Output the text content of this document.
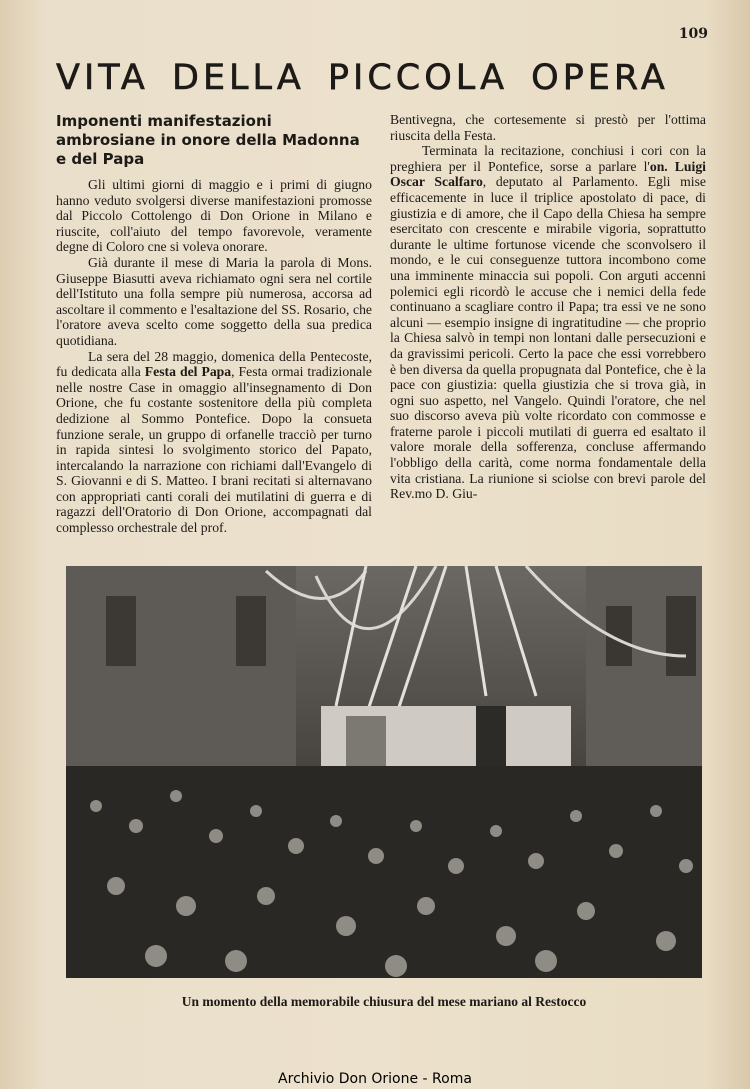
109
VITA DELLA PICCOLA OPERA
Imponenti manifestazioni ambrosiane in onore della Madonna e del Papa

Gli ultimi giorni di maggio e i primi di giugno hanno veduto svolgersi diverse manifestazioni promosse dal Piccolo Cottolengo di Don Orione in Milano e riuscite, coll'aiuto del tempo favorevole, veramente degne di Coloro cne si voleva onorare.

Già durante il mese di Maria la parola di Mons. Giuseppe Biasutti aveva richiamato ogni sera nel cortile dell'Istituto una folla sempre più numerosa, accorsa ad ascoltare il commento e l'esaltazione del SS. Rosario, che l'oratore aveva scelto come soggetto della sua predica quotidiana.

La sera del 28 maggio, domenica della Pentecoste, fu dedicata alla Festa del Papa, Festa ormai tradizionale nelle nostre Case in omaggio all'insegnamento di Don Orione, che fu costante sostenitore della più completa dedizione al Sommo Pontefice. Dopo la consueta funzione serale, un gruppo di orfanelle tracciò per turno in rapida sintesi lo svolgimento storico del Papato, intercalando la narrazione con richiami dall'Evangelo di S. Giovanni e di S. Matteo. I brani recitati si alternavano con appropriati canti corali dei mutilatini di guerra e di ragazzi dell'Oratorio di Don Orione, accompagnati dal complesso orchestrale del prof.

Bentivegna, che cortesemente si prestò per l'ottima riuscita della Festa.

Terminata la recitazione, conchiusi i cori con la preghiera per il Pontefice, sorse a parlare l'on. Luigi Oscar Scalfaro, deputato al Parlamento. Egli mise efficacemente in luce il triplice apostolato di pace, di giustizia e di amore, che il Capo della Chiesa ha sempre esercitato con crescente e mirabile vigoria, soprattutto durante le ultime fortunose vicende che sconvolsero il mondo, e le cui conseguenze tuttora incombono come una imminente minaccia sui popoli. Con arguti accenni polemici egli ricordò le accuse che i nemici della fede continuano a scagliare contro il Papa; tra essi ve ne sono alcuni — esempio insigne di ingratitudine — che proprio la Chiesa salvò in tempi non lontani dalle persecuzioni e da gravissimi pericoli. Certo la pace che essi vorrebbero è ben diversa da quella propugnata dal Pontefice, che è la pace con giustizia: quella giustizia che si trova già, in ogni suo aspetto, nel Vangelo. Quindi l'oratore, che nel suo discorso aveva più volte ricordato con commosse e fraterne parole i piccoli mutilati di guerra ed esaltato il valore morale della sofferenza, concluse affermando l'obbligo della carità, come norma fondamentale della vita cristiana. La riunione si sciolse con brevi parole del Rev.mo D. Giu-

Un momento della memorabile chiusura del mese mariano al Restocco
Archivio Don Orione - Roma
